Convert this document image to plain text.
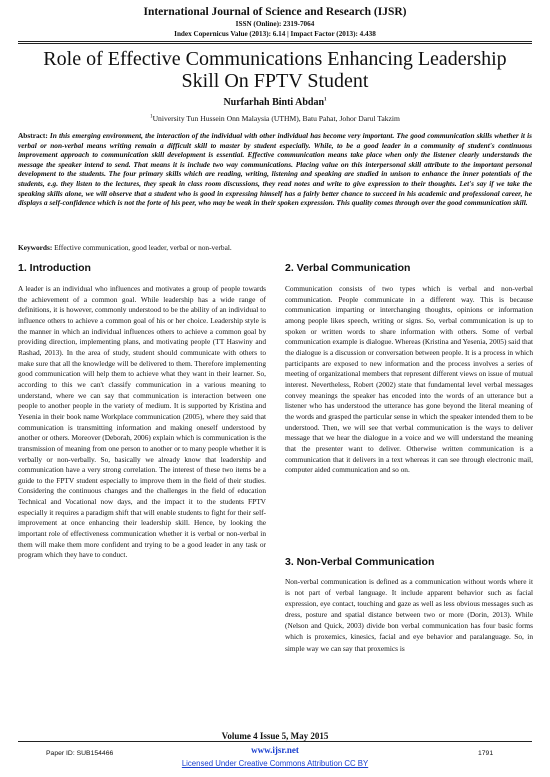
International Journal of Science and Research (IJSR)
ISSN (Online): 2319-7064
Index Copernicus Value (2013): 6.14 | Impact Factor (2013): 4.438
Role of Effective Communications Enhancing Leadership Skill On FPTV Student
Nurfarhah Binti Abdan$^1$
$^1$University Tun Hussein Onn Malaysia (UTHM), Batu Pahat, Johor Darul Takzim
Abstract: In this emerging environment, the interaction of the individual with other individual has become very important. The good communication skills whether it is verbal or non-verbal means writing remain a difficult skill to master by student especially. While, to be a good leader in a community of student's continuous improvement approach to communication skill development is essential. Effective communication means take place when only the listener clearly understands the message the speaker intend to send. That means it is include two way communications. Placing value on this interpersonal skill attribute to the important personal development to the students. The four primary skills which are reading, writing, listening and speaking are studied in unison to enhance the inner potentials of the students, e.g. they listen to the lectures, they speak in class room discussions, they read notes and write to give expression to their thoughts. Let's say if we take the speaking skills alone, we will observe that a student who is good in expressing himself has a fairly better chance to succeed in his academic and professional career, he displays a self-confidence which is not the forte of his peer, who may be weak in their spoken expression. This quality comes through over the good communication skill.
Keywords: Effective communication, good leader, verbal or non-verbal.
1. Introduction
A leader is an individual who influences and motivates a group of people towards the achievement of a common goal. While leadership has a wide range of definitions, it is however, commonly understood to be the ability of an individual to influence others to achieve a common goal of his or her choice. Leadership style is the manner in which an individual influences others to achieve a common goal by providing direction, implementing plans, and motivating people (TT Haswiny and Rashad, 2013). In the area of study, student should communicate with others to make sure that all the knowledge will be delivered to them. Therefore implementing good communication will help them to achieve what they want in their learner. So, according to this we can't classify communication in a various meaning to understand, where we can say that communication is interaction between one people to another people in the variety of medium. It is supported by Kristina and Yesenia in their book name Workplace communication (2005), where they said that communication is transmitting information and making oneself understood by another or others. Moreover (Deborah, 2006) explain which is communication is the transmission of meaning from one person to another or to many people whether it is verbally or non-verbally. So, basically we already know that leadership and communication have a very strong correlation. The interest of these two items be a guide to the FPTV student especially to improve them in the field of their studies. Considering the continuous changes and the challenges in the field of education Technical and Vocational now days, and the impact it to the students FPTV especially it requires a paradigm shift that will enable students to fight for their self-improvement at once enhancing their leadership skill. Hence, by looking the important role of effectiveness communication whether it is verbal or non-verbal in them will make them more confident and trying to be a good leader in any task or program which they have to conduct.
2. Verbal Communication
Communication consists of two types which is verbal and non-verbal communication. People communicate in a different way. This is because communication imparting or interchanging thoughts, opinions or information among people likes speech, writing or signs. So, verbal communication is up to spoken or written words to share information with others. Some of verbal communication example is dialogue. Whereas (Kristina and Yesenia, 2005) said that the dialogue is a discussion or conversation between people. It is a process in which participants are exposed to new information and the process involves a series of meeting of organizational members that represent different views on issue of mutual interest. Nevertheless, Robert (2002) state that fundamental level verbal messages convey meanings the speaker has encoded into the words of an utterance but a listener who has understood the utterance has gone beyond the literal meaning of the words and grasped the particular sense in which the speaker intended them to be understood. Then, we will see that verbal communication is the ways to deliver message that we hear the dialogue in a voice and we will understand the meaning that the presenter want to deliver. Otherwise written communication is a communication that it delivers in a text whereas it can see through electronic mail, computer aided communication and so on.
3. Non-Verbal Communication
Non-verbal communication is defined as a communication without words where it is not part of verbal language. It include apparent behavior such as facial expression, eye contact, touching and gaze as well as less obvious messages such as dress, posture and spatial distance between two or more (Dorin, 2013). While (Nelson and Quick, 2003) divide bon verbal communication has four basic forms which is proxemics, kinesics, facial and eye behavior and paralanguage. So, in simple way we can say that proxemics is
Volume 4 Issue 5, May 2015
www.ijsr.net
Paper ID: SUB154466
Licensed Under Creative Commons Attribution CC BY
1791
